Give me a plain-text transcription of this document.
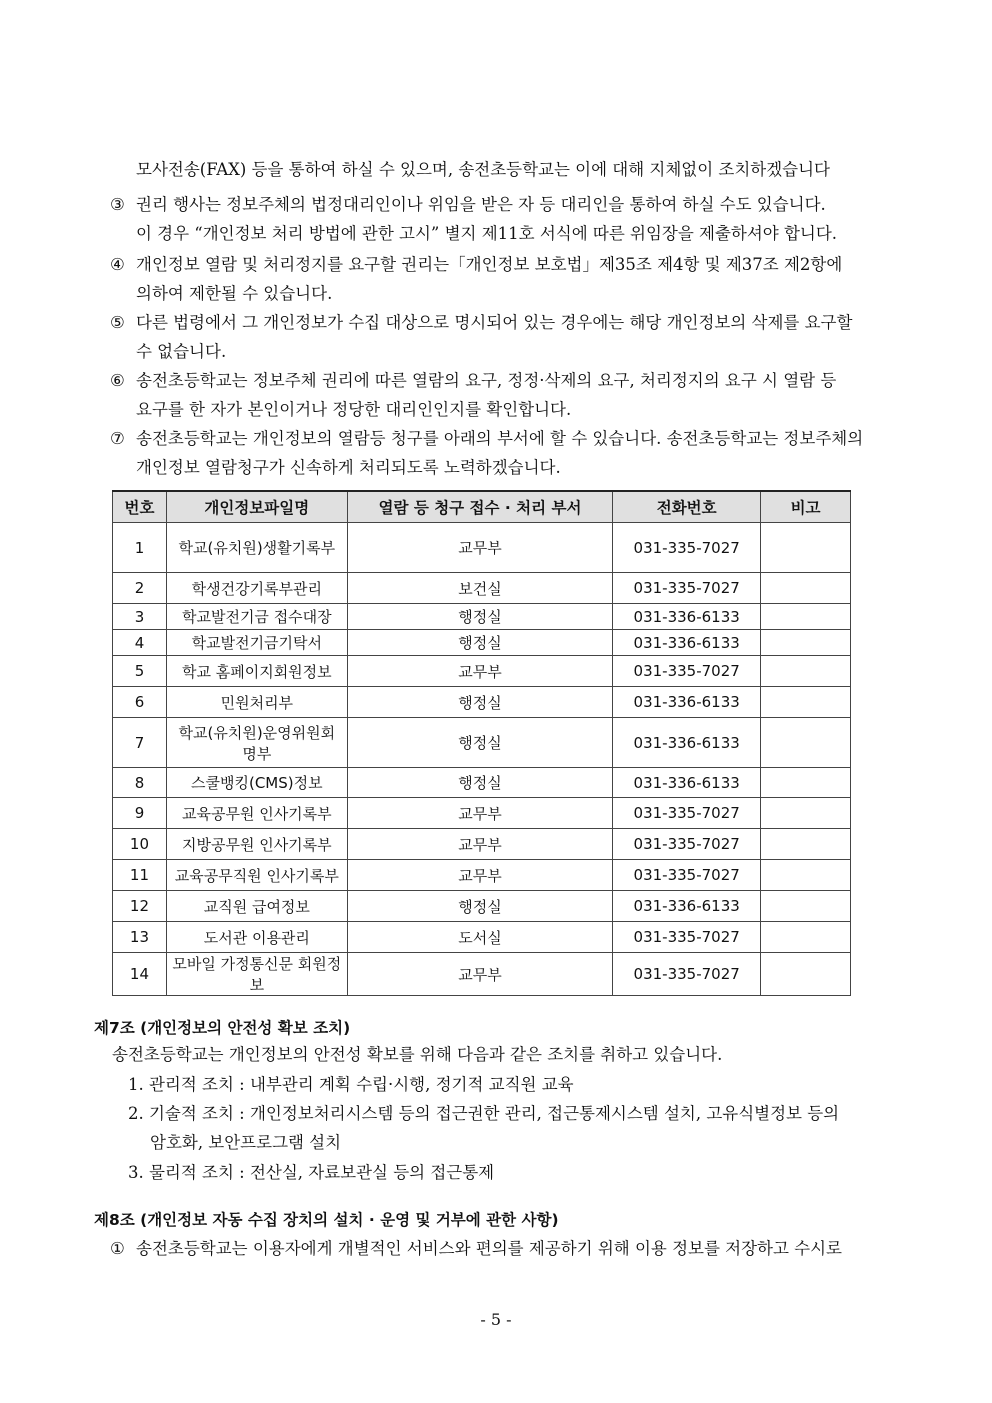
모사전송(FAX) 등을 통하여 하실 수 있으며, 송전초등학교는 이에 대해 지체없이 조치하겠습니다
③ 권리 행사는 정보주체의 법정대리인이나 위임을 받은 자 등 대리인을 통하여 하실 수도 있습니다.
이 경우 “개인정보 처리 방법에 관한 고시” 별지 제11호 서식에 따른 위임장을 제출하셔야 합니다.
④ 개인정보 열람 및 처리정지를 요구할 권리는「개인정보 보호법」제35조 제4항 및 제37조 제2항에
의하여 제한될 수 있습니다.
⑤ 다른 법령에서 그 개인정보가 수집 대상으로 명시되어 있는 경우에는 해당 개인정보의 삭제를 요구할
수 없습니다.
⑥ 송전초등학교는 정보주체 권리에 따른 열람의 요구, 정정·삭제의 요구, 처리정지의 요구 시 열람 등
요구를 한 자가 본인이거나 정당한 대리인인지를 확인합니다.
⑦ 송전초등학교는 개인정보의 열람등 청구를 아래의 부서에 할 수 있습니다. 송전초등학교는 정보주체의
개인정보 열람청구가 신속하게 처리되도록 노력하겠습니다.
번호	개인정보파일명	열람 등 청구 접수 · 처리 부서	전화번호	비고
1	학교(유치원)생활기록부	교무부	031-335-7027	
2	학생건강기록부관리	보건실	031-335-7027	
3	학교발전기금 접수대장	행정실	031-336-6133	
4	학교발전기금기탁서	행정실	031-336-6133	
5	학교 홈페이지회원정보	교무부	031-335-7027	
6	민원처리부	행정실	031-336-6133	
7	학교(유치원)운영위원회 명부	행정실	031-336-6133	
8	스쿨뱅킹(CMS)정보	행정실	031-336-6133	
9	교육공무원 인사기록부	교무부	031-335-7027	
10	지방공무원 인사기록부	교무부	031-335-7027	
11	교육공무직원 인사기록부	교무부	031-335-7027	
12	교직원 급여정보	행정실	031-336-6133	
13	도서관 이용관리	도서실	031-335-7027	
14	모바일 가정통신문 회원정보	교무부	031-335-7027	
제7조 (개인정보의 안전성 확보 조치)
송전초등학교는 개인정보의 안전성 확보를 위해 다음과 같은 조치를 취하고 있습니다.
1. 관리적 조치 : 내부관리 계획 수립·시행, 정기적 교직원 교육
2. 기술적 조치 : 개인정보처리시스템 등의 접근권한 관리, 접근통제시스템 설치, 고유식별정보 등의
암호화, 보안프로그램 설치
3. 물리적 조치 : 전산실, 자료보관실 등의 접근통제
제8조 (개인정보 자동 수집 장치의 설치 · 운영 및 거부에 관한 사항)
① 송전초등학교는 이용자에게 개별적인 서비스와 편의를 제공하기 위해 이용 정보를 저장하고 수시로
- 5 -
